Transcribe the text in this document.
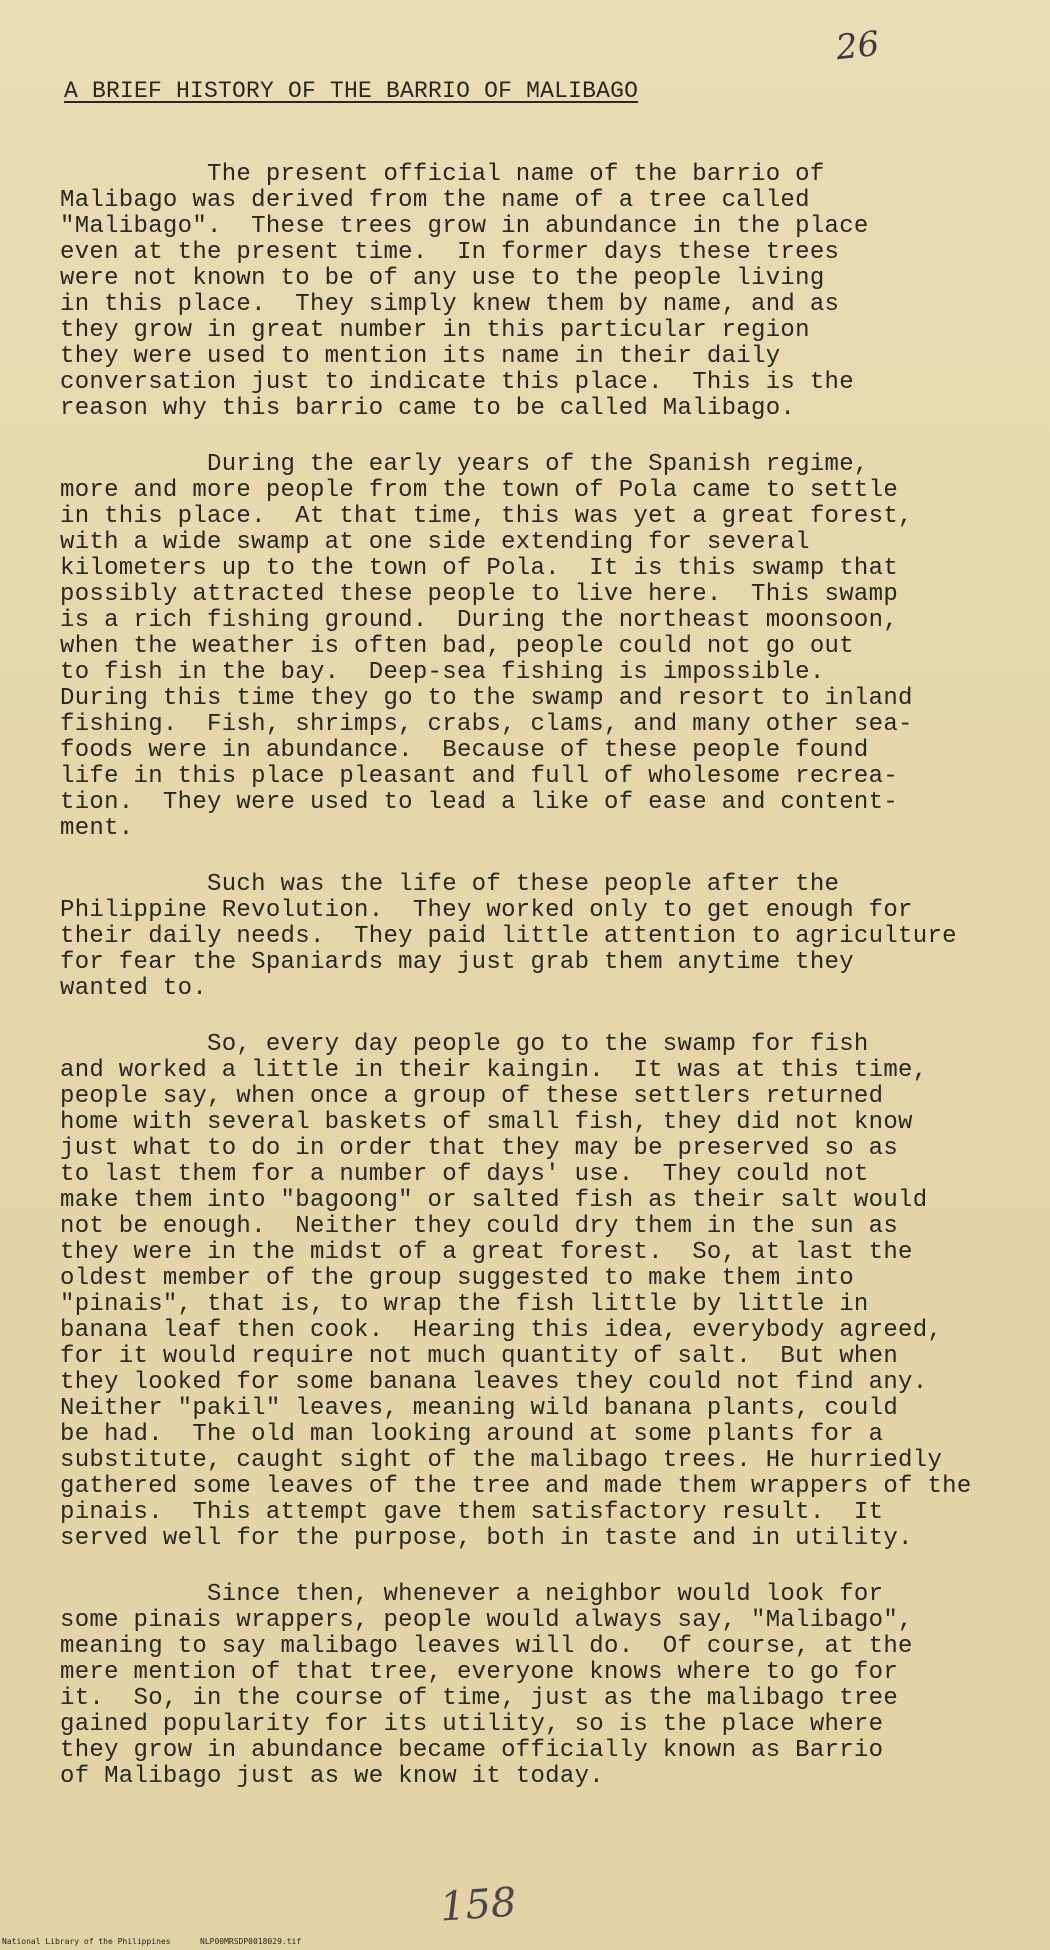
26
A BRIEF HISTORY OF THE BARRIO OF MALIBAGO
The present official name of the barrio of
Malibago was derived from the name of a tree called
"Malibago".  These trees grow in abundance in the place
even at the present time.  In former days these trees
were not known to be of any use to the people living
in this place.  They simply knew them by name, and as
they grow in great number in this particular region
they were used to mention its name in their daily
conversation just to indicate this place.  This is the
reason why this barrio came to be called Malibago.
During the early years of the Spanish regime,
more and more people from the town of Pola came to settle
in this place.  At that time, this was yet a great forest,
with a wide swamp at one side extending for several
kilometers up to the town of Pola.  It is this swamp that
possibly attracted these people to live here.  This swamp
is a rich fishing ground.  During the northeast moonsoon,
when the weather is often bad, people could not go out
to fish in the bay.  Deep-sea fishing is impossible.
During this time they go to the swamp and resort to inland
fishing.  Fish, shrimps, crabs, clams, and many other sea-
foods were in abundance.  Because of these people found
life in this place pleasant and full of wholesome recrea-
tion.  They were used to lead a like of ease and content-
ment.
Such was the life of these people after the
Philippine Revolution.  They worked only to get enough for
their daily needs.  They paid little attention to agriculture
for fear the Spaniards may just grab them anytime they
wanted to.
So, every day people go to the swamp for fish
and worked a little in their kaingin.  It was at this time,
people say, when once a group of these settlers returned
home with several baskets of small fish, they did not know
just what to do in order that they may be preserved so as
to last them for a number of days' use.  They could not
make them into "bagoong" or salted fish as their salt would
not be enough.  Neither they could dry them in the sun as
they were in the midst of a great forest.  So, at last the
oldest member of the group suggested to make them into
"pinais", that is, to wrap the fish little by little in
banana leaf then cook.  Hearing this idea, everybody agreed,
for it would require not much quantity of salt.  But when
they looked for some banana leaves they could not find any.
Neither "pakil" leaves, meaning wild banana plants, could
be had.  The old man looking around at some plants for a
substitute, caught sight of the malibago trees. He hurriedly
gathered some leaves of the tree and made them wrappers of the
pinais.  This attempt gave them satisfactory result.  It
served well for the purpose, both in taste and in utility.
Since then, whenever a neighbor would look for
some pinais wrappers, people would always say, "Malibago",
meaning to say malibago leaves will do.  Of course, at the
mere mention of that tree, everyone knows where to go for
it.  So, in the course of time, just as the malibago tree
gained popularity for its utility, so is the place where
they grow in abundance became officially known as Barrio
of Malibago just as we know it today.
158
National Library of the Philippines	NLP00MRSDP0018029.tif
